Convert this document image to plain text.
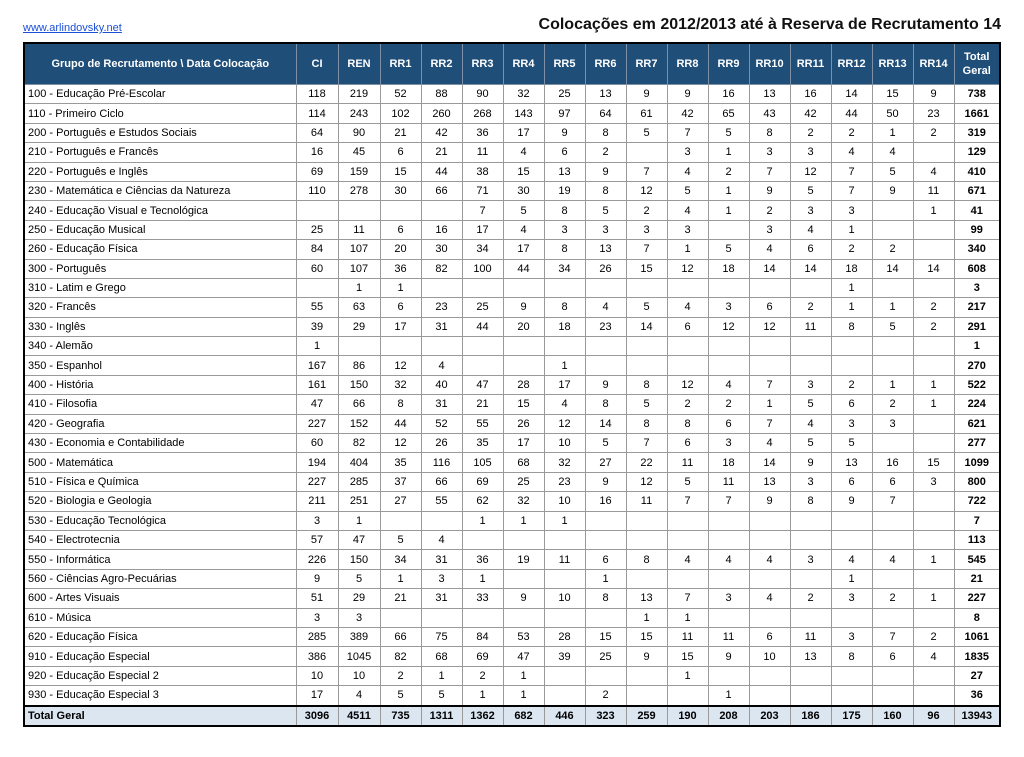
www.arlindovsky.net	Colocações em 2012/2013 até à Reserva de Recrutamento 14
Grupo de Recrutamento \ Data Colocação	CI	REN	RR1	RR2	RR3	RR4	RR5	RR6	RR7	RR8	RR9	RR10	RR11	RR12	RR13	RR14	Total Geral
100 - Educação Pré-Escolar	118	219	52	88	90	32	25	13	9	9	16	13	16	14	15	9	738
110 - Primeiro Ciclo	114	243	102	260	268	143	97	64	61	42	65	43	42	44	50	23	1661
200 - Português e Estudos Sociais	64	90	21	42	36	17	9	8	5	7	5	8	2	2	1	2	319
210 - Português e Francês	16	45	6	21	11	4	6	2		3	1	3	3	4	4		129
220 - Português e Inglês	69	159	15	44	38	15	13	9	7	4	2	7	12	7	5	4	410
230 - Matemática e Ciências da Natureza	110	278	30	66	71	30	19	8	12	5	1	9	5	7	9	11	671
240 - Educação Visual e Tecnológica					7	5	8	5	2	4	1	2	3	3		1	41
250 - Educação Musical	25	11	6	16	17	4	3	3	3	3		3	4	1			99
260 - Educação Física	84	107	20	30	34	17	8	13	7	1	5	4	6	2	2		340
300 - Português	60	107	36	82	100	44	34	26	15	12	18	14	14	18	14	14	608
310 - Latim e Grego		1	1											1			3
320 - Francês	55	63	6	23	25	9	8	4	5	4	3	6	2	1	1	2	217
330 - Inglês	39	29	17	31	44	20	18	23	14	6	12	12	11	8	5	2	291
340 - Alemão	1																1
350 - Espanhol	167	86	12	4			1										270
400 - História	161	150	32	40	47	28	17	9	8	12	4	7	3	2	1	1	522
410 - Filosofia	47	66	8	31	21	15	4	8	5	2	2	1	5	6	2	1	224
420 - Geografia	227	152	44	52	55	26	12	14	8	8	6	7	4	3	3		621
430 - Economia e Contabilidade	60	82	12	26	35	17	10	5	7	6	3	4	5	5			277
500 - Matemática	194	404	35	116	105	68	32	27	22	11	18	14	9	13	16	15	1099
510 - Física e Química	227	285	37	66	69	25	23	9	12	5	11	13	3	6	6	3	800
520 - Biologia e Geologia	211	251	27	55	62	32	10	16	11	7	7	9	8	9	7		722
530 - Educação Tecnológica	3	1			1	1	1										7
540 - Electrotecnia	57	47	5	4													113
550 - Informática	226	150	34	31	36	19	11	6	8	4	4	4	3	4	4	1	545
560 - Ciências Agro-Pecuárias	9	5	1	3	1			1						1			21
600 - Artes Visuais	51	29	21	31	33	9	10	8	13	7	3	4	2	3	2	1	227
610 - Música	3	3							1	1							8
620 - Educação Física	285	389	66	75	84	53	28	15	15	11	11	6	11	3	7	2	1061
910 - Educação Especial	386	1045	82	68	69	47	39	25	9	15	9	10	13	8	6	4	1835
920 - Educação Especial 2	10	10	2	1	2	1				1							27
930 - Educação Especial 3	17	4	5	5	1	1		2			1						36
Total Geral	3096	4511	735	1311	1362	682	446	323	259	190	208	203	186	175	160	96	13943
